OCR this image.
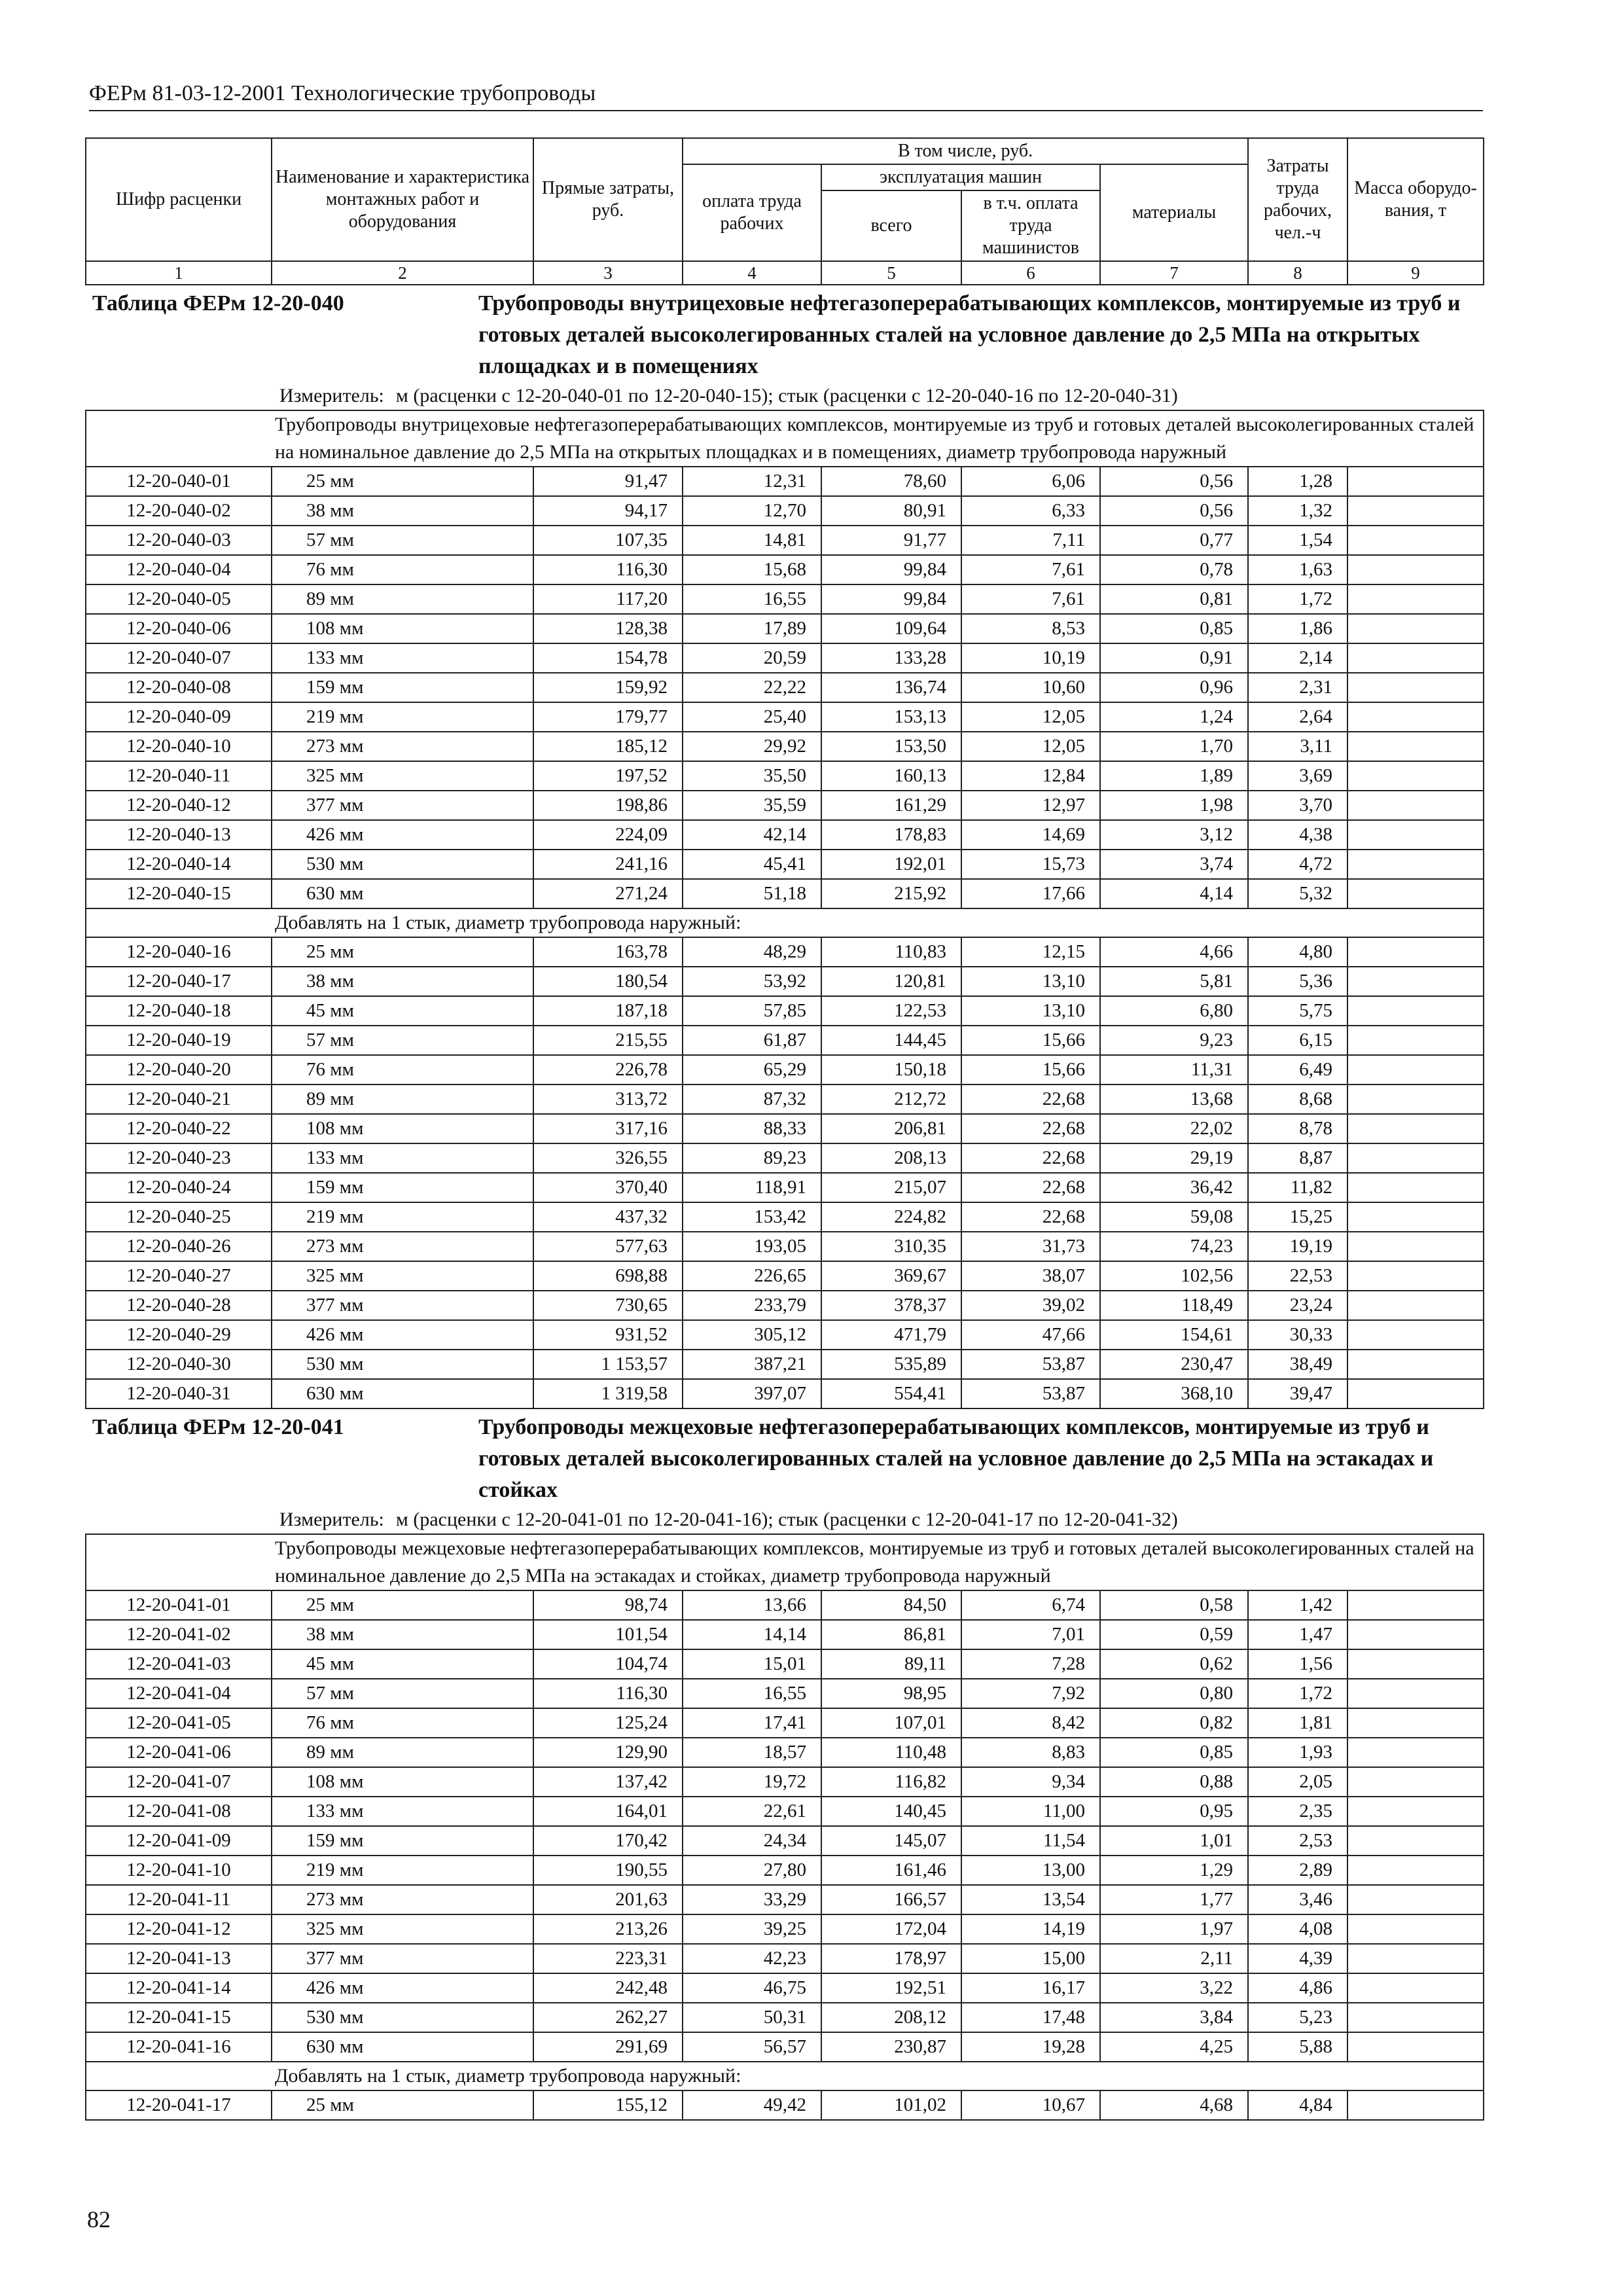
ФЕРм 81-03-12-2001 Технологические трубопроводы
Шифр расценки	Наименование и характеристика монтажных работ и оборудования	Прямые затраты, руб.	В том числе, руб.				Затраты труда рабочих, чел.-ч	Масса оборудо-вания, т
			оплата труда рабочих	эксплуатация машин		материалы		
				всего	в т.ч. оплата труда машинистов			
1	2	3	4	5	6	7	8	9

Таблица ФЕРм 12-20-040 Трубопроводы внутрицеховые нефтегазоперерабатывающих комплексов, монтируемые из труб и готовых деталей высоколегированных сталей на условное давление до 2,5 МПа на открытых площадках и в помещениях
Измеритель: м (расценки с 12-20-040-01 по 12-20-040-15); стык (расценки с 12-20-040-16 по 12-20-040-31)								

Трубопроводы внутрицеховые нефтегазоперерабатывающих комплексов, монтируемые из труб и готовых деталей высоколегированных сталей на номинальное давление до 2,5 МПа на открытых площадках и в помещениях, диаметр трубопровода наружный								
12-20-040-01	25 мм	91,47	12,31	78,60	6,06	0,56	1,28	
12-20-040-02	38 мм	94,17	12,70	80,91	6,33	0,56	1,32	
12-20-040-03	57 мм	107,35	14,81	91,77	7,11	0,77	1,54	
12-20-040-04	76 мм	116,30	15,68	99,84	7,61	0,78	1,63	
12-20-040-05	89 мм	117,20	16,55	99,84	7,61	0,81	1,72	
12-20-040-06	108 мм	128,38	17,89	109,64	8,53	0,85	1,86	
12-20-040-07	133 мм	154,78	20,59	133,28	10,19	0,91	2,14	
12-20-040-08	159 мм	159,92	22,22	136,74	10,60	0,96	2,31	
12-20-040-09	219 мм	179,77	25,40	153,13	12,05	1,24	2,64	
12-20-040-10	273 мм	185,12	29,92	153,50	12,05	1,70	3,11	
12-20-040-11	325 мм	197,52	35,50	160,13	12,84	1,89	3,69	
12-20-040-12	377 мм	198,86	35,59	161,29	12,97	1,98	3,70	
12-20-040-13	426 мм	224,09	42,14	178,83	14,69	3,12	4,38	
12-20-040-14	530 мм	241,16	45,41	192,01	15,73	3,74	4,72	
12-20-040-15	630 мм	271,24	51,18	215,92	17,66	4,14	5,32	
Добавлять на 1 стык, диаметр трубопровода наружный:								
12-20-040-16	25 мм	163,78	48,29	110,83	12,15	4,66	4,80	
12-20-040-17	38 мм	180,54	53,92	120,81	13,10	5,81	5,36	
12-20-040-18	45 мм	187,18	57,85	122,53	13,10	6,80	5,75	
12-20-040-19	57 мм	215,55	61,87	144,45	15,66	9,23	6,15	
12-20-040-20	76 мм	226,78	65,29	150,18	15,66	11,31	6,49	
12-20-040-21	89 мм	313,72	87,32	212,72	22,68	13,68	8,68	
12-20-040-22	108 мм	317,16	88,33	206,81	22,68	22,02	8,78	
12-20-040-23	133 мм	326,55	89,23	208,13	22,68	29,19	8,87	
12-20-040-24	159 мм	370,40	118,91	215,07	22,68	36,42	11,82	
12-20-040-25	219 мм	437,32	153,42	224,82	22,68	59,08	15,25	
12-20-040-26	273 мм	577,63	193,05	310,35	31,73	74,23	19,19	
12-20-040-27	325 мм	698,88	226,65	369,67	38,07	102,56	22,53	
12-20-040-28	377 мм	730,65	233,79	378,37	39,02	118,49	23,24	
12-20-040-29	426 мм	931,52	305,12	471,79	47,66	154,61	30,33	
12-20-040-30	530 мм	1 153,57	387,21	535,89	53,87	230,47	38,49	
12-20-040-31	630 мм	1 319,58	397,07	554,41	53,87	368,10	39,47	

Таблица ФЕРм 12-20-041 Трубопроводы межцеховые нефтегазоперерабатывающих комплексов, монтируемые из труб и готовых деталей высоколегированных сталей на условное давление до 2,5 МПа на эстакадах и стойках
Измеритель: м (расценки с 12-20-041-01 по 12-20-041-16); стык (расценки с 12-20-041-17 по 12-20-041-32)								

Трубопроводы межцеховые нефтегазоперерабатывающих комплексов, монтируемые из труб и готовых деталей высоколегированных сталей на номинальное давление до 2,5 МПа на эстакадах и стойках, диаметр трубопровода наружный								
12-20-041-01	25 мм	98,74	13,66	84,50	6,74	0,58	1,42	
12-20-041-02	38 мм	101,54	14,14	86,81	7,01	0,59	1,47	
12-20-041-03	45 мм	104,74	15,01	89,11	7,28	0,62	1,56	
12-20-041-04	57 мм	116,30	16,55	98,95	7,92	0,80	1,72	
12-20-041-05	76 мм	125,24	17,41	107,01	8,42	0,82	1,81	
12-20-041-06	89 мм	129,90	18,57	110,48	8,83	0,85	1,93	
12-20-041-07	108 мм	137,42	19,72	116,82	9,34	0,88	2,05	
12-20-041-08	133 мм	164,01	22,61	140,45	11,00	0,95	2,35	
12-20-041-09	159 мм	170,42	24,34	145,07	11,54	1,01	2,53	
12-20-041-10	219 мм	190,55	27,80	161,46	13,00	1,29	2,89	
12-20-041-11	273 мм	201,63	33,29	166,57	13,54	1,77	3,46	
12-20-041-12	325 мм	213,26	39,25	172,04	14,19	1,97	4,08	
12-20-041-13	377 мм	223,31	42,23	178,97	15,00	2,11	4,39	
12-20-041-14	426 мм	242,48	46,75	192,51	16,17	3,22	4,86	
12-20-041-15	530 мм	262,27	50,31	208,12	17,48	3,84	5,23	
12-20-041-16	630 мм	291,69	56,57	230,87	19,28	4,25	5,88	
Добавлять на 1 стык, диаметр трубопровода наружный:								
12-20-041-17	25 мм	155,12	49,42	101,02	10,67	4,68	4,84	
82
